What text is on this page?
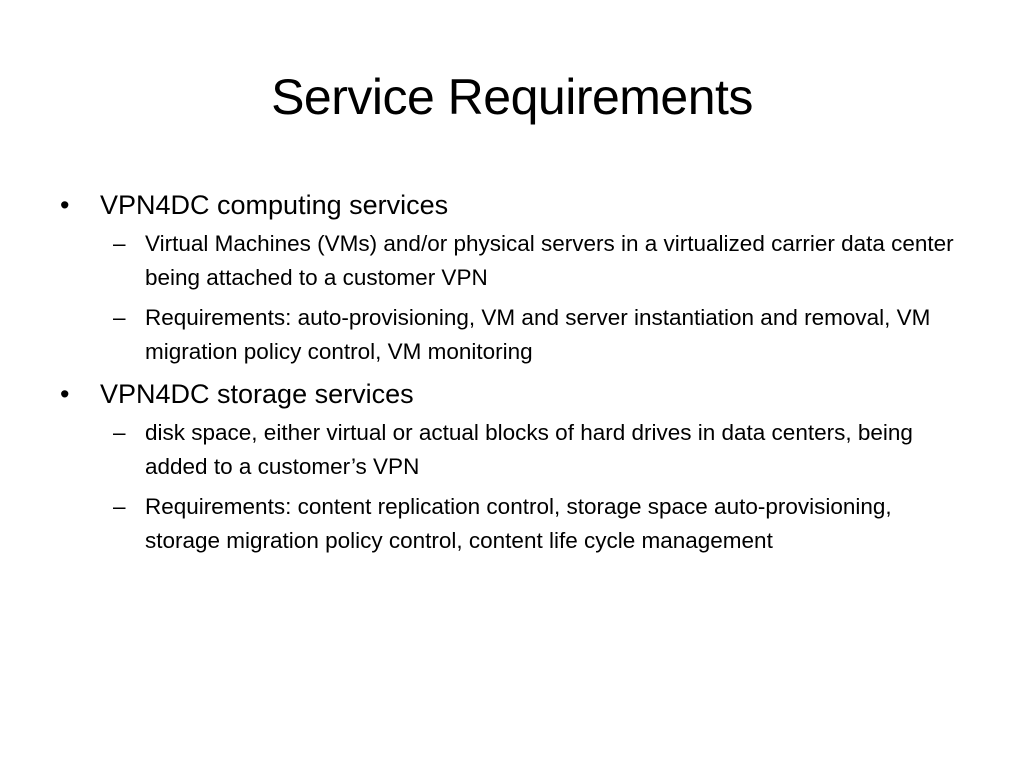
Service Requirements
•	VPN4DC computing services
– Virtual Machines (VMs) and/or physical servers in a virtualized carrier data center being attached to a customer VPN
– Requirements: auto-provisioning, VM and server instantiation and removal, VM migration policy control, VM monitoring
•	VPN4DC storage services
– disk space, either virtual or actual blocks of hard drives in data centers, being added to a customer’s VPN
– Requirements: content replication control, storage space auto-provisioning, storage migration policy control, content life cycle management
